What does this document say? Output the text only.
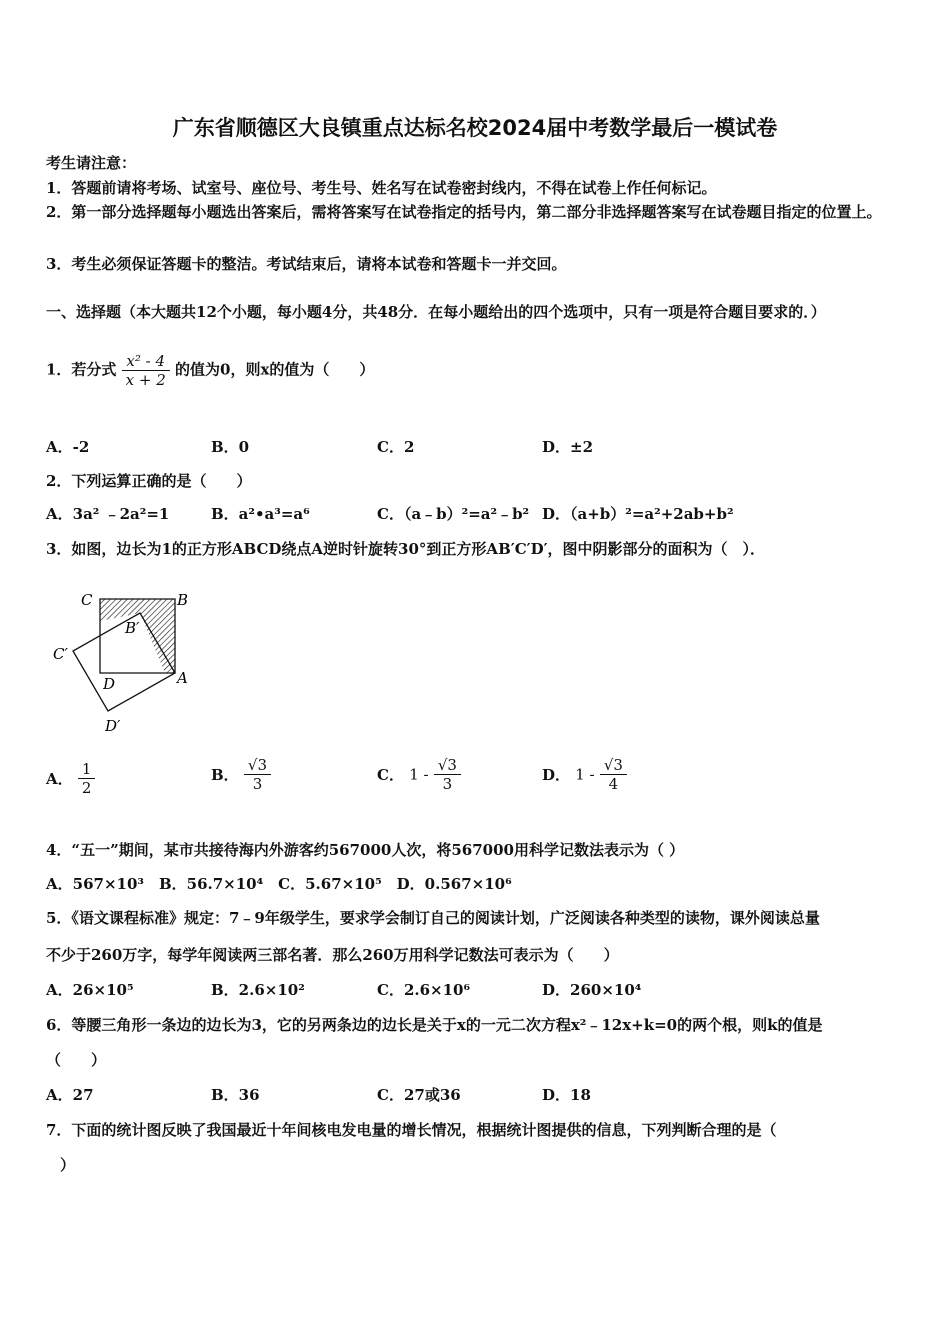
广东省顺德区大良镇重点达标名校2024届中考数学最后一模试卷
考生请注意：
1．答题前请将考场、试室号、座位号、考生号、姓名写在试卷密封线内，不得在试卷上作任何标记。
2．第一部分选择题每小题选出答案后，需将答案写在试卷指定的括号内，第二部分非选择题答案写在试卷题目指定的位置上。
3．考生必须保证答题卡的整洁。考试结束后，请将本试卷和答题卡一并交回。
一、选择题（本大题共12个小题，每小题4分，共48分．在每小题给出的四个选项中，只有一项是符合题目要求的．）
1．若分式 $\frac{\text{x² - 4}}{x + 2}$ 的值为0，则x的值为（　　）
A．-2	B．0	C．2	D．±2
2．下列运算正确的是（　　）
A．3a² ﹣2a²=1	B．a²•a³=a⁶	C．（a﹣b）²=a²﹣b² D．（a+b）²=a²+2ab+b²
3．如图，边长为1的正方形ABCD绕点A逆时针旋转30°到正方形AB′C′D′，图中阴影部分的面积为（　）．
C	B
B′
C′
D	A
D′
A． $\frac{1}{2}$	B． $\frac{√3}{3}$	C． $1 - \frac{√3}{3}$	D． $1 - \frac{√3}{4}$
4．“五一”期间，某市共接待海内外游客约567000人次，将567000用科学记数法表示为（ ）
A．567×10³　B．56.7×10⁴　C．5.67×10⁵　D．0.567×10⁶
5．《语文课程标准》规定：7﹣9年级学生，要求学会制订自己的阅读计划，广泛阅读各种类型的读物，课外阅读总量
不少于260万字，每学年阅读两三部名著．那么260万用科学记数法可表示为（　　）
A．26×10⁵	B．2.6×10²	C．2.6×10⁶	D．260×10⁴
6．等腰三角形一条边的边长为3，它的另两条边的边长是关于x的一元二次方程x²﹣12x+k=0的两个根，则k的值是
（　　）
A．27	B．36	C．27或36	D．18
7．下面的统计图反映了我国最近十年间核电发电量的增长情况，根据统计图提供的信息，下列判断合理的是（
）
